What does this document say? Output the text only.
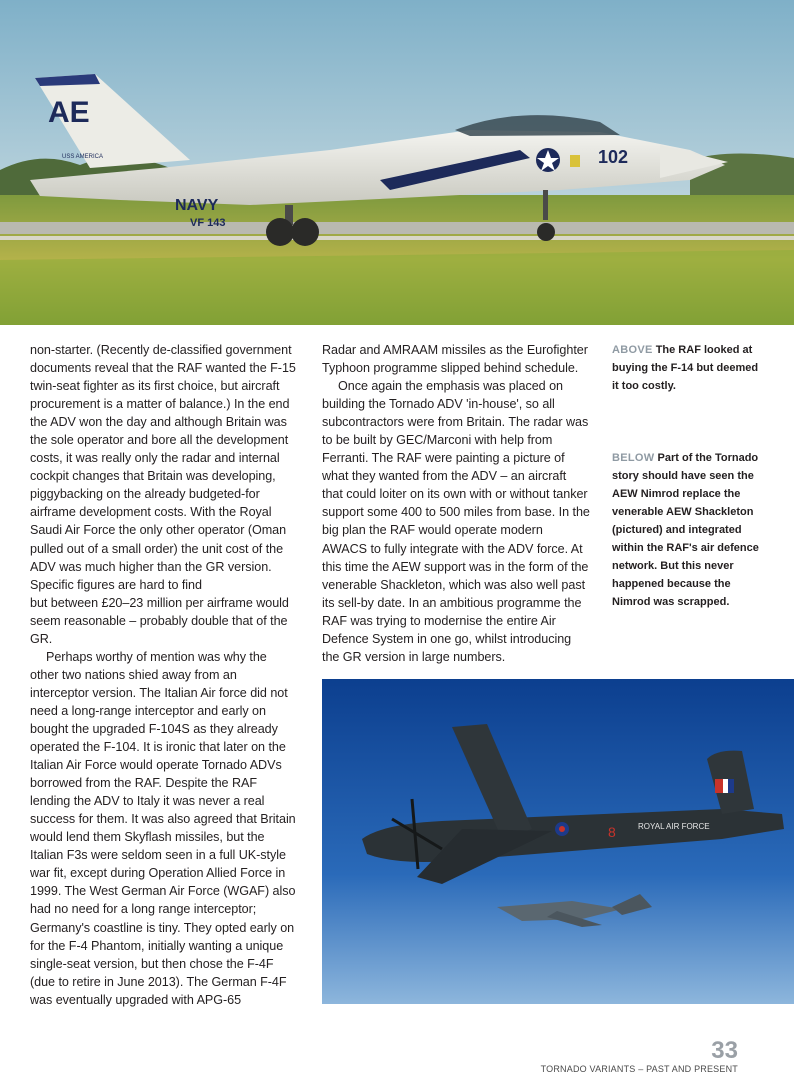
AE
USS AMERICA	102
NAVY
VF 143

non-starter. (Recently de-classified government documents reveal that the RAF wanted the F-15 twin-seat fighter as its first choice, but aircraft procurement is a matter of balance.) In the end the ADV won the day and although Britain was the sole operator and bore all the development costs, it was really only the radar and internal cockpit changes that Britain was developing, piggybacking on the already budgeted-for airframe development costs. With the Royal Saudi Air Force the only other operator (Oman pulled out of a small order) the unit cost of the ADV was much higher than the GR version. Specific figures are hard to find

but between £20–23 million per airframe would seem reasonable – probably double that of the GR.

Perhaps worthy of mention was why the other two nations shied away from an interceptor version. The Italian Air force did not need a long-range interceptor and early on bought the upgraded F-104S as they already operated the F-104. It is ironic that later on the Italian Air Force would operate Tornado ADVs borrowed from the RAF. Despite the RAF lending the ADV to Italy it was never a real success for them. It was also agreed that Britain would lend them Skyflash missiles, but the Italian F3s were seldom seen in a full UK-style war fit, except during Operation Allied Force in 1999. The West German Air Force (WGAF) also had no need for a long range interceptor; Germany's coastline is tiny. They opted early on for the F-4 Phantom, initially wanting a unique single-seat version, but then chose the F-4F (due to retire in June 2013). The German F-4F was eventually upgraded with APG-65

Radar and AMRAAM missiles as the Eurofighter Typhoon programme slipped behind schedule.

Once again the emphasis was placed on building the Tornado ADV 'in-house', so all subcontractors were from Britain. The radar was to be built by GEC/Marconi with help from Ferranti. The RAF were painting a picture of what they wanted from the ADV – an aircraft that could loiter on its own with or without tanker support some 400 to 500 miles from base. In the big plan the RAF would operate modern AWACS to fully integrate with the ADV force. At this time the AEW support was in the form of the venerable Shackleton, which was also well past its sell-by date. In an ambitious programme the RAF was trying to modernise the entire Air Defence System in one go, whilst introducing the GR version in large numbers.

ABOVE The RAF looked at buying the F-14 but deemed it too costly.
BELOW Part of the Tornado story should have seen the AEW Nimrod replace the venerable AEW Shackleton (pictured) and integrated within the RAF's air defence network. But this never happened because the Nimrod was scrapped.
ROYAL AIR FORCE
8
33
TORNADO VARIANTS – PAST AND PRESENT
